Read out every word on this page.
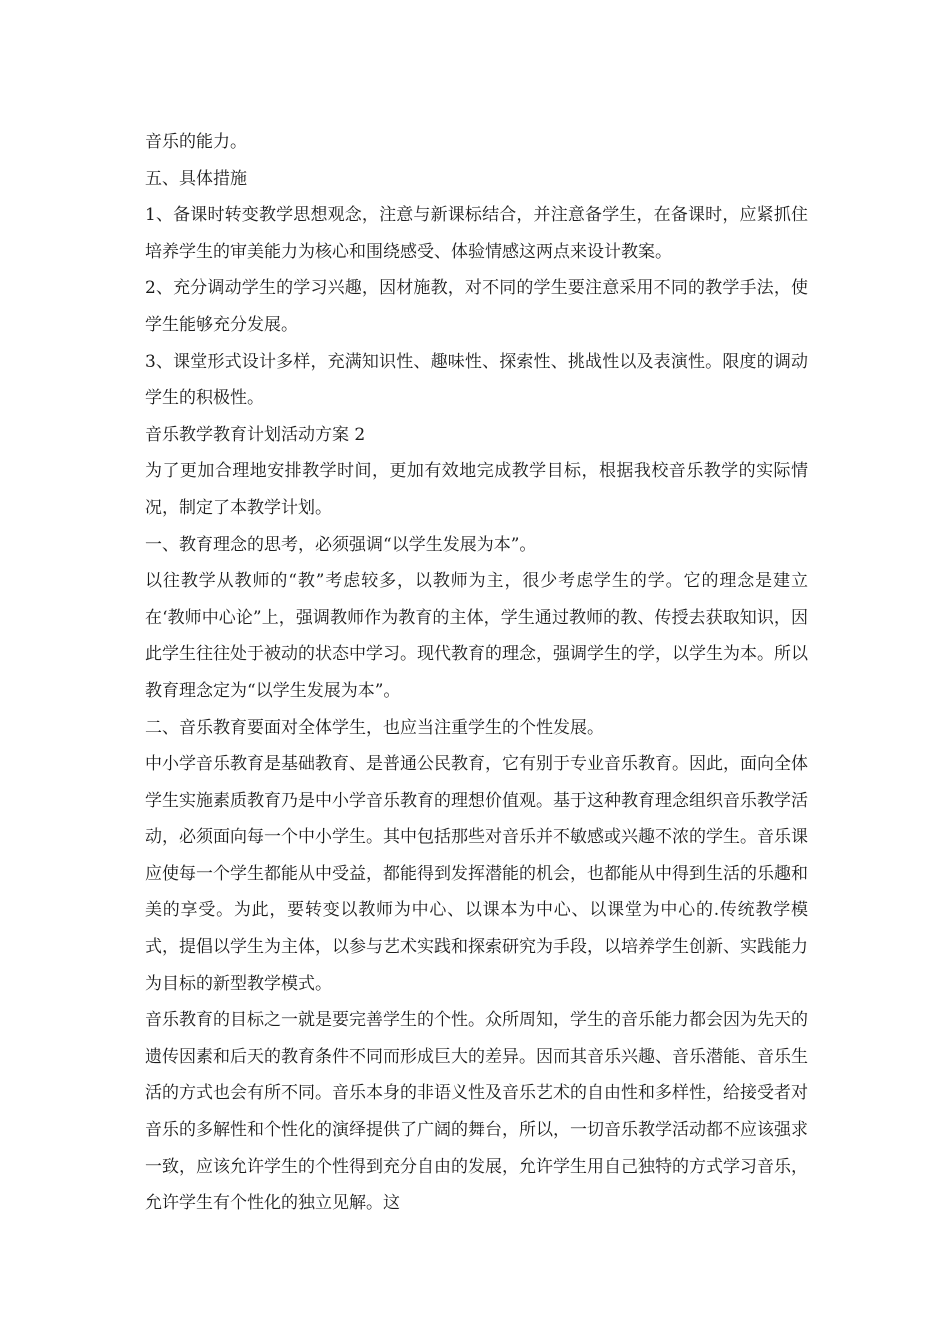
音乐的能力。

五、具体措施

1、备课时转变教学思想观念，注意与新课标结合，并注意备学生，在备课时，应紧抓住培养学生的审美能力为核心和围绕感受、体验情感这两点来设计教案。

2、充分调动学生的学习兴趣，因材施教，对不同的学生要注意采用不同的教学手法，使学生能够充分发展。

3、课堂形式设计多样，充满知识性、趣味性、探索性、挑战性以及表演性。限度的调动学生的积极性。

音乐教学教育计划活动方案 2

为了更加合理地安排教学时间，更加有效地完成教学目标，根据我校音乐教学的实际情况，制定了本教学计划。

一、教育理念的思考，必须强调“以学生发展为本”。

以往教学从教师的“教”考虑较多，以教师为主，很少考虑学生的学。它的理念是建立在‘教师中心论”上，强调教师作为教育的主体，学生通过教师的教、传授去获取知识，因此学生往往处于被动的状态中学习。现代教育的理念，强调学生的学，以学生为本。所以教育理念定为“以学生发展为本”。

二、音乐教育要面对全体学生，也应当注重学生的个性发展。

中小学音乐教育是基础教育、是普通公民教育，它有别于专业音乐教育。因此，面向全体学生实施素质教育乃是中小学音乐教育的理想价值观。基于这种教育理念组织音乐教学活动，必须面向每一个中小学生。其中包括那些对音乐并不敏感或兴趣不浓的学生。音乐课应使每一个学生都能从中受益，都能得到发挥潜能的机会，也都能从中得到生活的乐趣和美的享受。为此，要转变以教师为中心、以课本为中心、以课堂为中心的.传统教学模式，提倡以学生为主体，以参与艺术实践和探索研究为手段，以培养学生创新、实践能力为目标的新型教学模式。

音乐教育的目标之一就是要完善学生的个性。众所周知，学生的音乐能力都会因为先天的遗传因素和后天的教育条件不同而形成巨大的差异。因而其音乐兴趣、音乐潜能、音乐生活的方式也会有所不同。音乐本身的非语义性及音乐艺术的自由性和多样性，给接受者对音乐的多解性和个性化的演绎提供了广阔的舞台，所以，一切音乐教学活动都不应该强求一致，应该允许学生的个性得到充分自由的发展，允许学生用自己独特的方式学习音乐，允许学生有个性化的独立见解。这
